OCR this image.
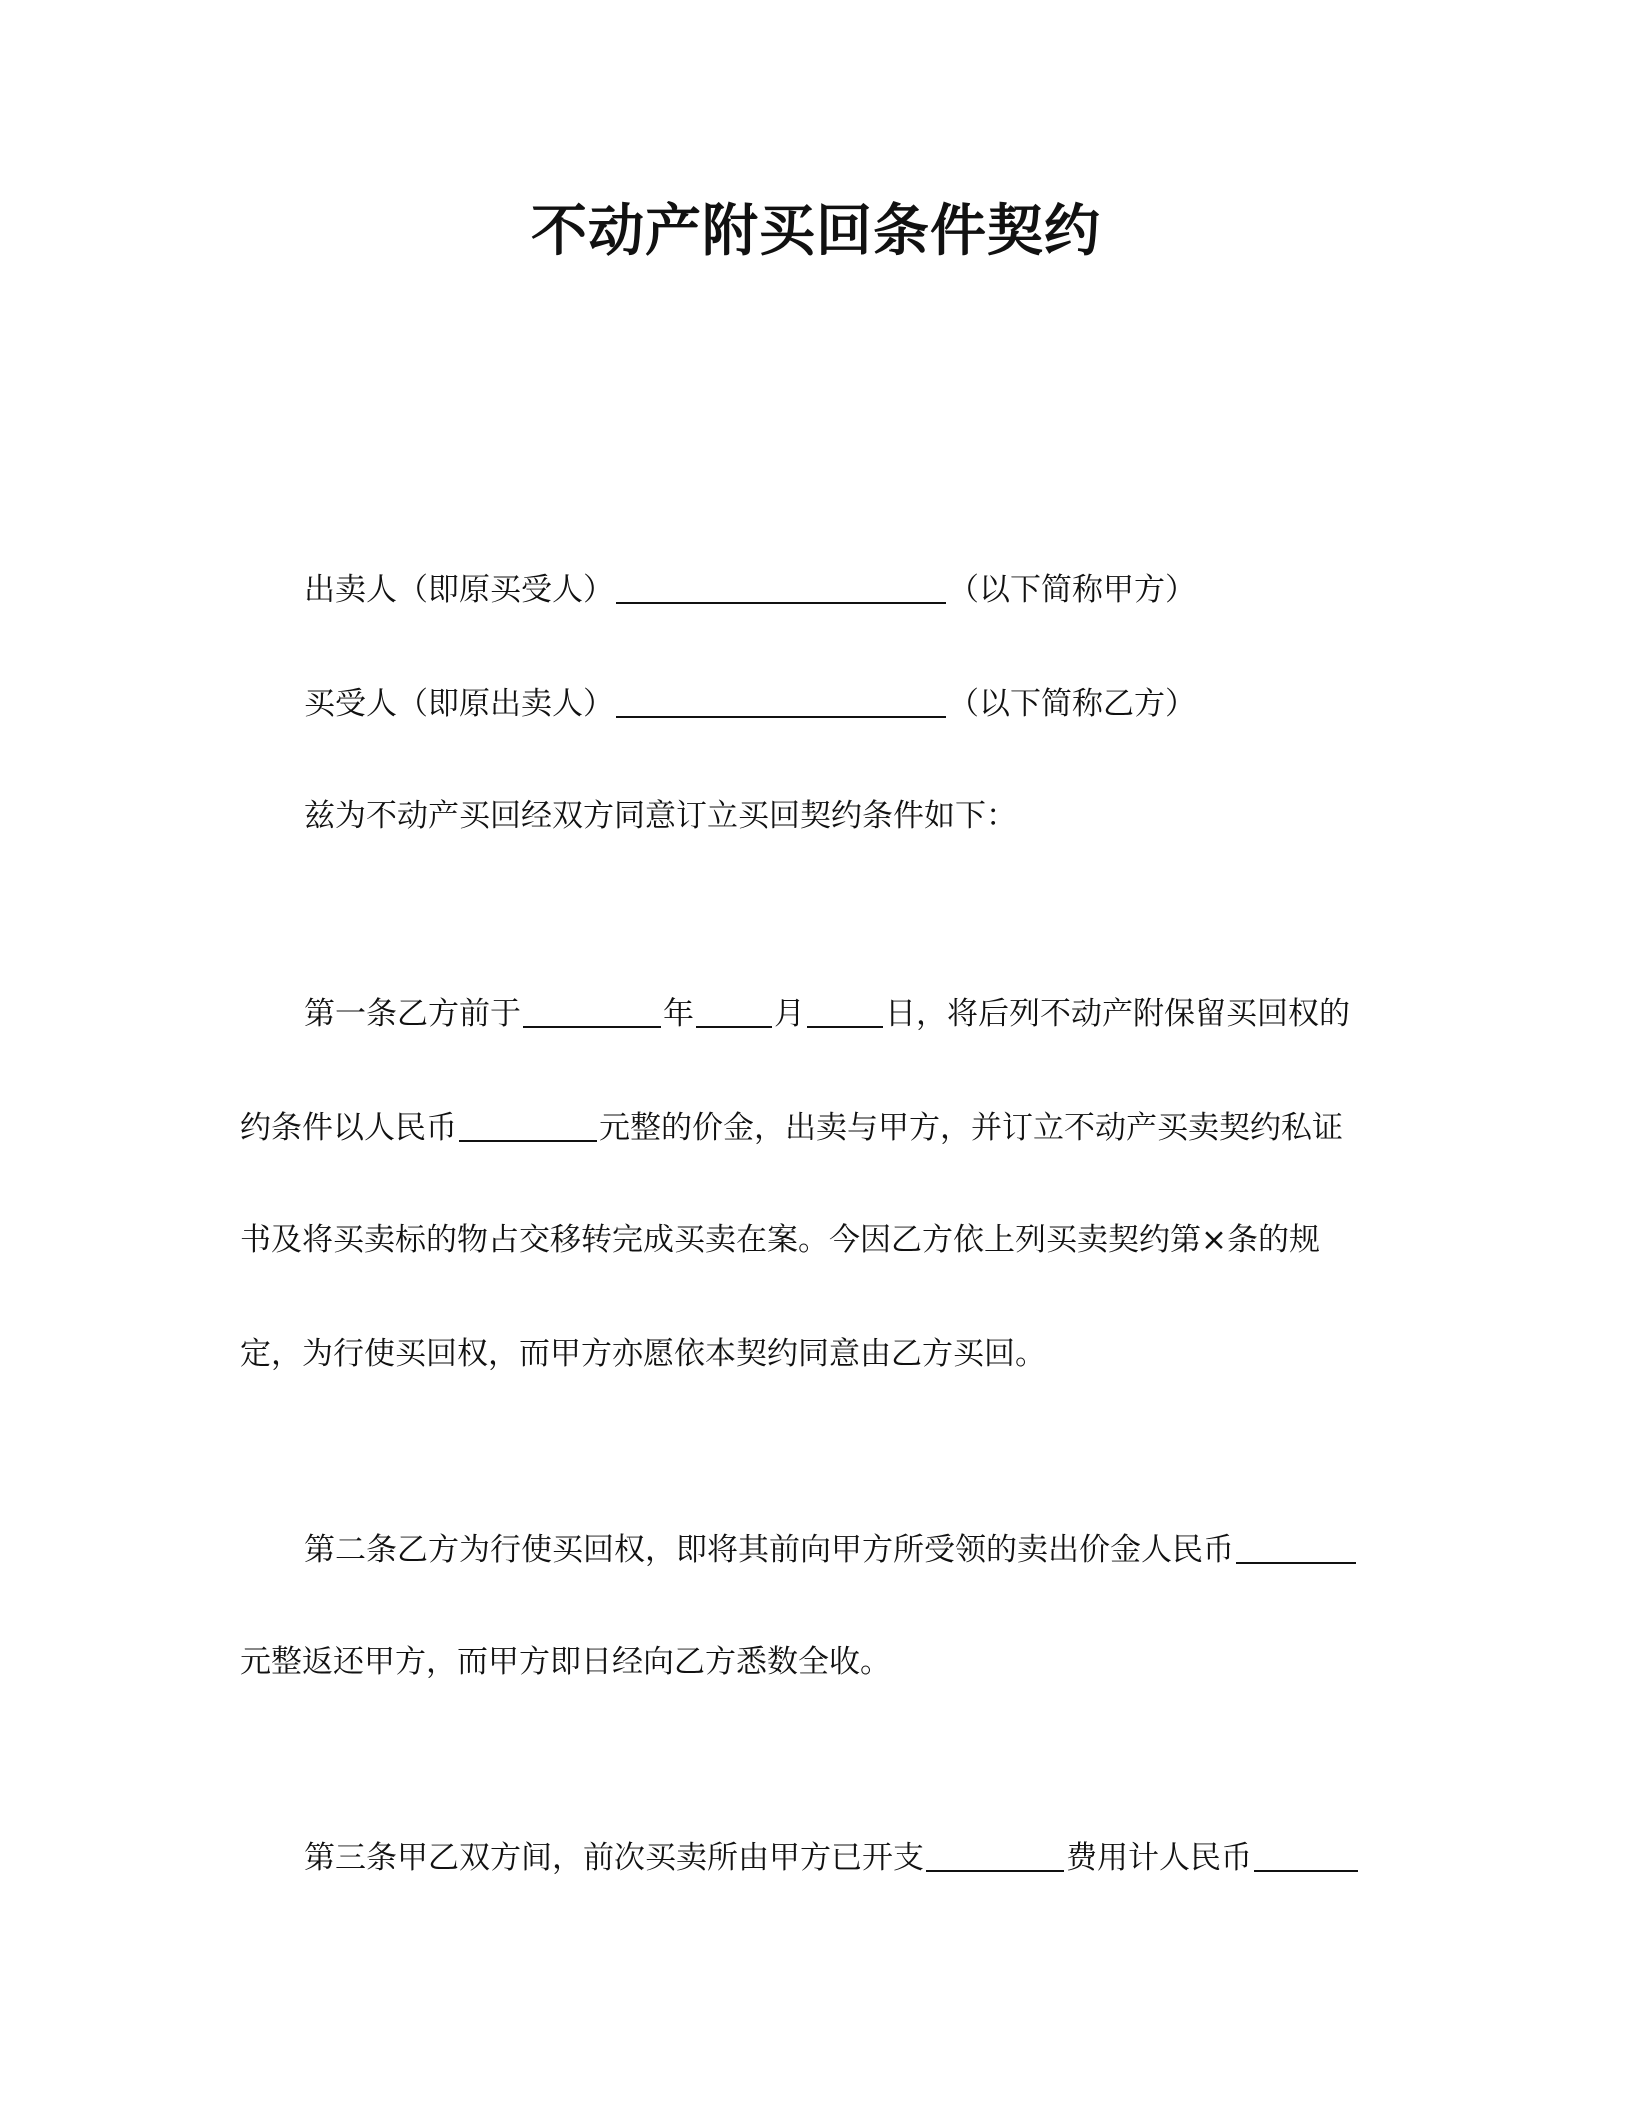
不动产附买回条件契约
出卖人（即原买受人）	（以下简称甲方）
买受人（即原出卖人）	（以下简称乙方）
兹为不动产买回经双方同意订立买回契约条件如下：
第一条乙方前于	年	月	日，将后列不动产附保留买回权的
约条件以人民币	元整的价金，出卖与甲方，并订立不动产买卖契约私证
书及将买卖标的物占交移转完成买卖在案。今因乙方依上列买卖契约第×条的规
定，为行使买回权，而甲方亦愿依本契约同意由乙方买回。
第二条乙方为行使买回权，即将其前向甲方所受领的卖出价金人民币
元整返还甲方，而甲方即日经向乙方悉数全收。
第三条甲乙双方间，前次买卖所由甲方已开支	费用计人民币
